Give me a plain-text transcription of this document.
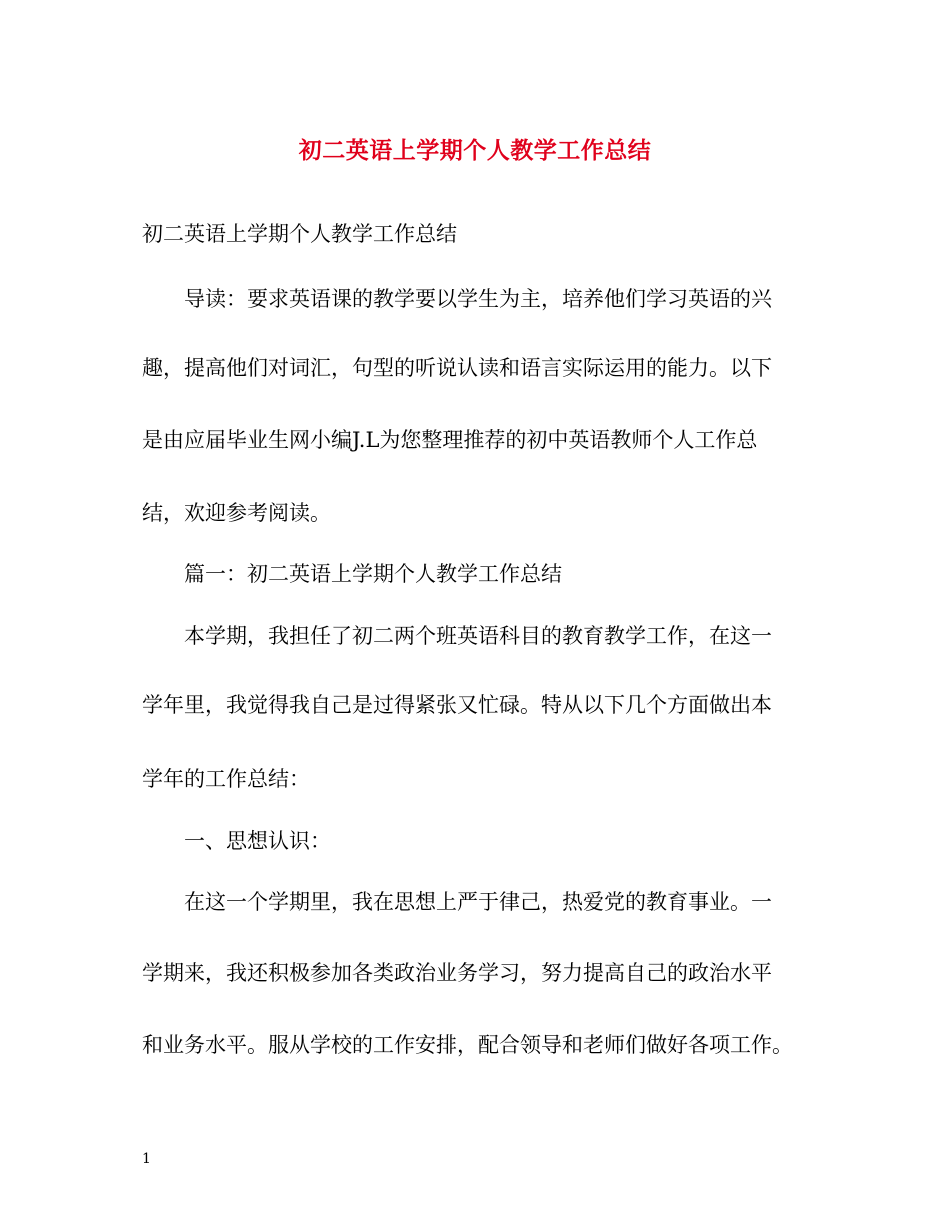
初二英语上学期个人教学工作总结
初二英语上学期个人教学工作总结
导读：要求英语课的教学要以学生为主，培养他们学习英语的兴
趣，提高他们对词汇，句型的听说认读和语言实际运用的能力。以下
是由应届毕业生网小编J.L为您整理推荐的初中英语教师个人工作总
结，欢迎参考阅读。
篇一：初二英语上学期个人教学工作总结
本学期，我担任了初二两个班英语科目的教育教学工作，在这一
学年里，我觉得我自己是过得紧张又忙碌。特从以下几个方面做出本
学年的工作总结：
一、思想认识：
在这一个学期里，我在思想上严于律己，热爱党的教育事业。一
学期来，我还积极参加各类政治业务学习，努力提高自己的政治水平
和业务水平。服从学校的工作安排，配合领导和老师们做好各项工作。
1
